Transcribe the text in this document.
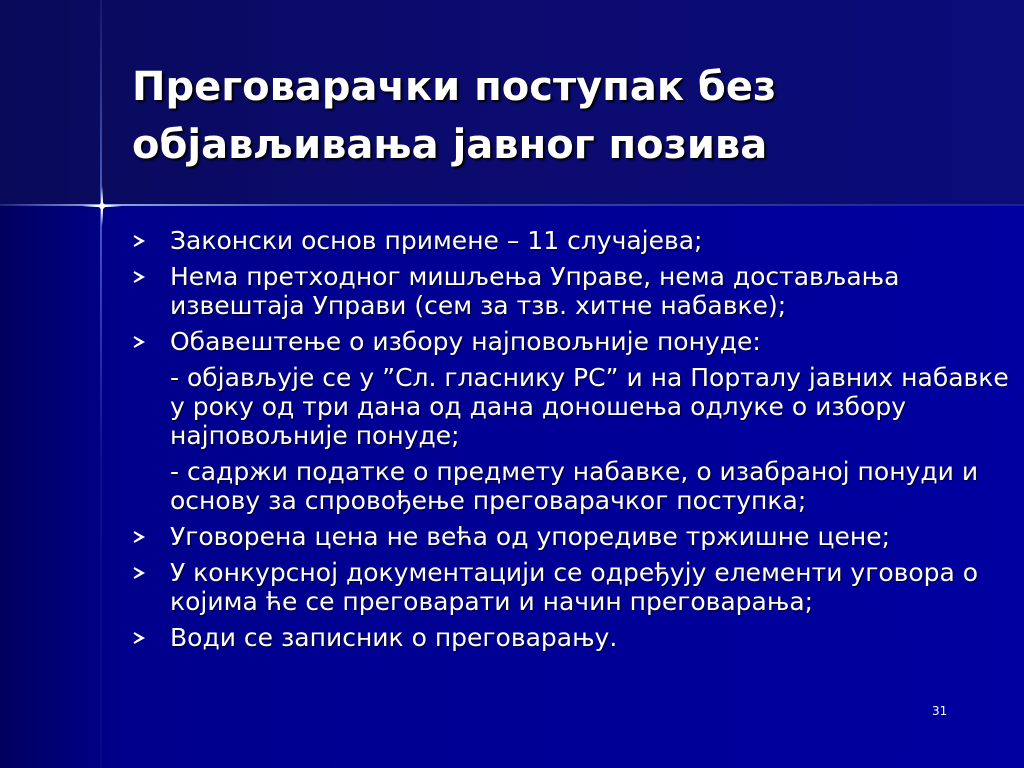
Преговарачки поступак без
објављивања јавног позива
Законски основ примене – 11 случајева;
Нема претходног мишљења Управе, нема достављања извештаја Управи (сем за тзв. хитне набавке);
Обавештење о избору најповољније понуде:
- објављује се у ”Сл. гласнику РС” и на Порталу јавних набавке у року од три дана од дана доношења одлуке о избору најповољније понуде;
- садржи податке о предмету набавке, о изабраној понуди и основу за спровођење преговарачког поступка;
Уговорена цена не већа од упоредиве тржишне цене;
У конкурсној документацији се одређују елементи уговора о којима ће се преговарати и начин преговарања;
Води се записник о преговарању.
31
